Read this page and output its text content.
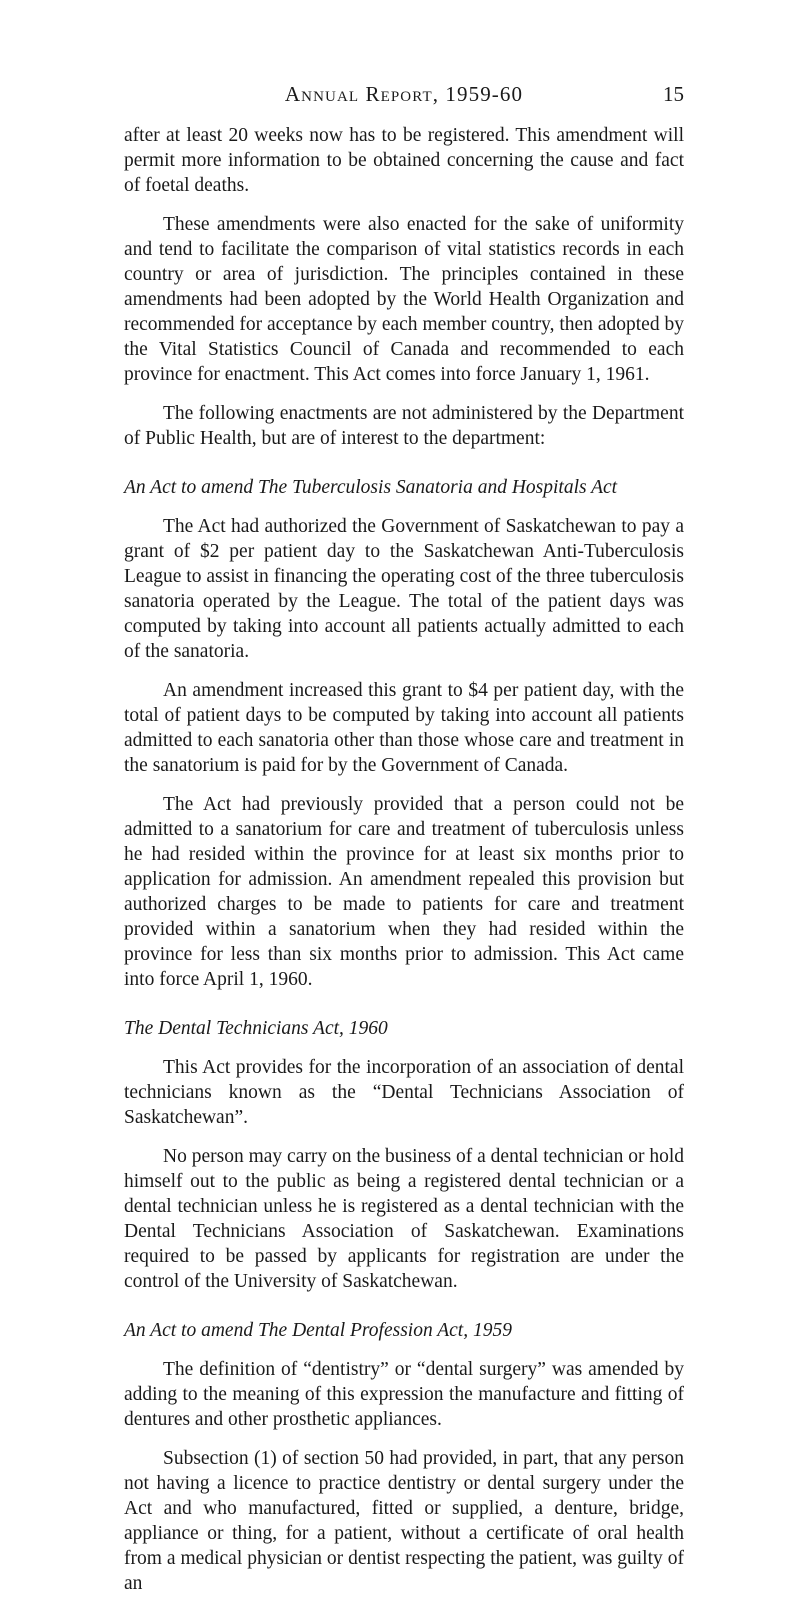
Annual Report, 1959-60	15

after at least 20 weeks now has to be registered. This amendment will permit more information to be obtained concerning the cause and fact of foetal deaths.

These amendments were also enacted for the sake of uniformity and tend to facilitate the comparison of vital statistics records in each country or area of jurisdiction. The principles contained in these amendments had been adopted by the World Health Organization and recommended for acceptance by each member country, then adopted by the Vital Statistics Council of Canada and recommended to each province for enactment. This Act comes into force January 1, 1961.

The following enactments are not administered by the Department of Public Health, but are of interest to the department:

An Act to amend The Tuberculosis Sanatoria and Hospitals Act

The Act had authorized the Government of Saskatchewan to pay a grant of $2 per patient day to the Saskatchewan Anti-Tuberculosis League to assist in financing the operating cost of the three tuberculosis sanatoria operated by the League. The total of the patient days was computed by taking into account all patients actually admitted to each of the sanatoria.

An amendment increased this grant to $4 per patient day, with the total of patient days to be computed by taking into account all patients admitted to each sanatoria other than those whose care and treatment in the sanatorium is paid for by the Government of Canada.

The Act had previously provided that a person could not be admitted to a sanatorium for care and treatment of tuberculosis unless he had resided within the province for at least six months prior to application for admission. An amendment repealed this provision but authorized charges to be made to patients for care and treatment provided within a sanatorium when they had resided within the province for less than six months prior to admission. This Act came into force April 1, 1960.

The Dental Technicians Act, 1960

This Act provides for the incorporation of an association of dental technicians known as the “Dental Technicians Association of Saskatchewan”.

No person may carry on the business of a dental technician or hold himself out to the public as being a registered dental technician or a dental technician unless he is registered as a dental technician with the Dental Technicians Association of Saskatchewan. Examinations required to be passed by applicants for registration are under the control of the University of Saskatchewan.

An Act to amend The Dental Profession Act, 1959

The definition of “dentistry” or “dental surgery” was amended by adding to the meaning of this expression the manufacture and fitting of dentures and other prosthetic appliances.

Subsection (1) of section 50 had provided, in part, that any person not having a licence to practice dentistry or dental surgery under the Act and who manufactured, fitted or supplied, a denture, bridge, appliance or thing, for a patient, without a certificate of oral health from a medical physician or dentist respecting the patient, was guilty of an
